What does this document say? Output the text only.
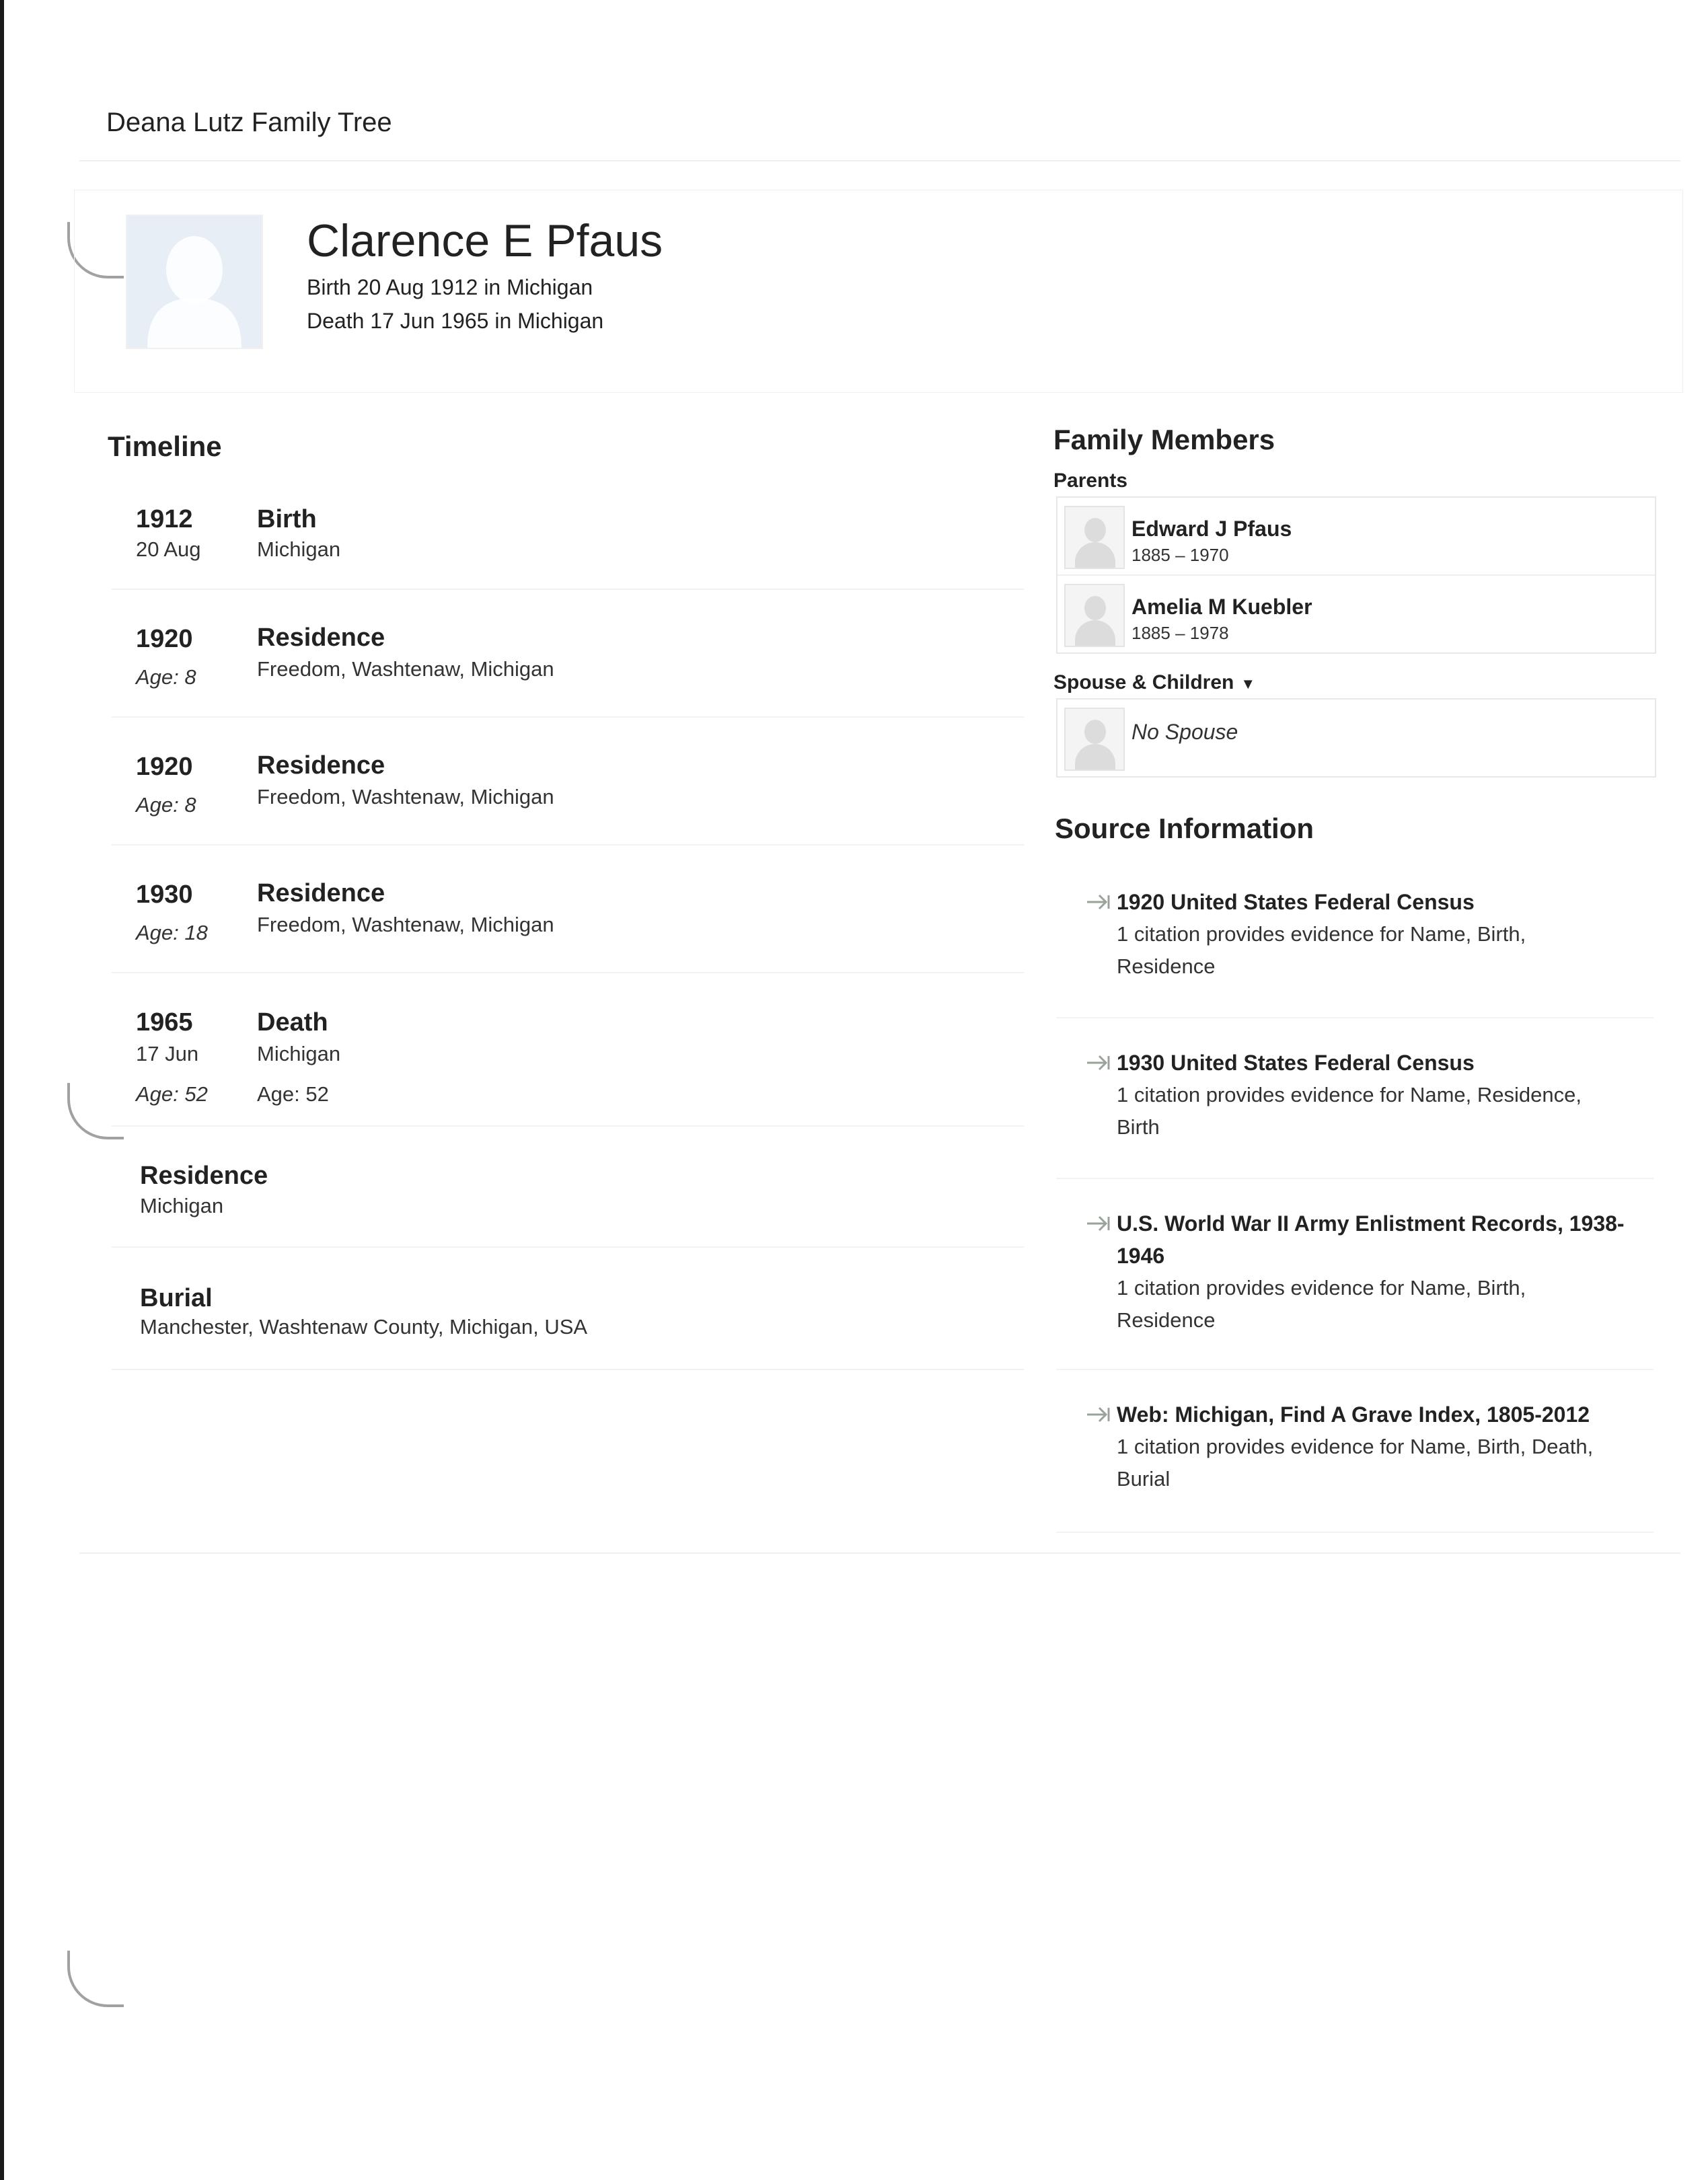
Deana Lutz Family Tree
Clarence E Pfaus
Birth 20 Aug 1912 in Michigan
Death 17 Jun 1965 in Michigan
Timeline
1912
20 Aug
Birth
Michigan
1920
Age: 8
Residence
Freedom, Washtenaw, Michigan
1920
Age: 8
Residence
Freedom, Washtenaw, Michigan
1930
Age: 18
Residence
Freedom, Washtenaw, Michigan
1965
17 Jun
Age: 52
Death
Michigan
Age: 52
Residence
Michigan
Burial
Manchester, Washtenaw County, Michigan, USA
Family Members
Parents
Edward J Pfaus
1885 – 1970
Amelia M Kuebler
1885 – 1978
Spouse & Children ▼
No Spouse
Source Information
1920 United States Federal Census
1 citation provides evidence for Name, Birth, Residence
1930 United States Federal Census
1 citation provides evidence for Name, Residence, Birth
U.S. World War II Army Enlistment Records, 1938-1946
1 citation provides evidence for Name, Birth, Residence
Web: Michigan, Find A Grave Index, 1805-2012
1 citation provides evidence for Name, Birth, Death, Burial
